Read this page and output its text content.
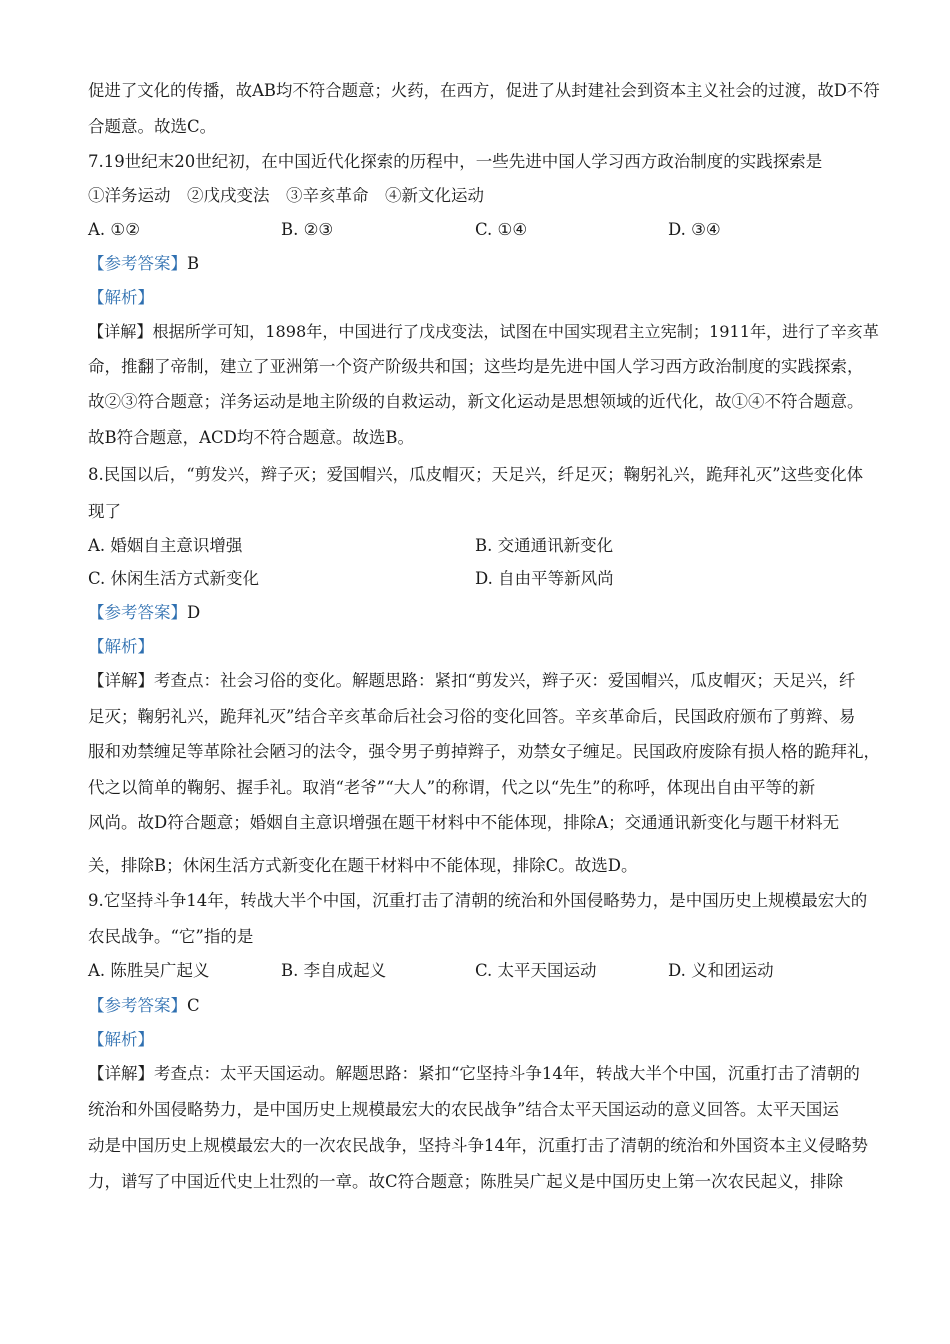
促进了文化的传播，故AB均不符合题意；火药，在西方，促进了从封建社会到资本主义社会的过渡，故D不符
合题意。故选C。
7.19世纪末20世纪初，在中国近代化探索的历程中，一些先进中国人学习西方政治制度的实践探索是
①洋务运动　②戊戌变法　③辛亥革命　④新文化运动
A. ①②	B. ②③	C. ①④	D. ③④
【参考答案】B
【解析】
【详解】根据所学可知，1898年，中国进行了戊戌变法，试图在中国实现君主立宪制；1911年，进行了辛亥革
命，推翻了帝制，建立了亚洲第一个资产阶级共和国；这些均是先进中国人学习西方政治制度的实践探索，
故②③符合题意；洋务运动是地主阶级的自救运动，新文化运动是思想领域的近代化，故①④不符合题意。
故B符合题意，ACD均不符合题意。故选B。
8.民国以后，“剪发兴，辫子灭；爱国帽兴，瓜皮帽灭；天足兴，纤足灭；鞠躬礼兴，跪拜礼灭”这些变化体
现了
A. 婚姻自主意识增强	B. 交通通讯新变化
C. 休闲生活方式新变化	D. 自由平等新风尚
【参考答案】D
【解析】
【详解】考查点：社会习俗的变化。解题思路：紧扣“剪发兴，辫子灭：爱国帽兴，瓜皮帽灭；天足兴，纤
足灭；鞠躬礼兴，跪拜礼灭”结合辛亥革命后社会习俗的变化回答。辛亥革命后，民国政府颁布了剪辫、易
服和劝禁缠足等革除社会陋习的法令，强令男子剪掉辫子，劝禁女子缠足。民国政府废除有损人格的跪拜礼，
代之以简单的鞠躬、握手礼。取消“老爷”“大人”的称谓，代之以“先生”的称呼，体现出自由平等的新
风尚。故D符合题意；婚姻自主意识增强在题干材料中不能体现，排除A；交通通讯新变化与题干材料无
关，排除B；休闲生活方式新变化在题干材料中不能体现，排除C。故选D。
9.它坚持斗争14年，转战大半个中国，沉重打击了清朝的统治和外国侵略势力，是中国历史上规模最宏大的
农民战争。“它”指的是
A. 陈胜吴广起义	B. 李自成起义	C. 太平天国运动	D. 义和团运动
【参考答案】C
【解析】
【详解】考查点：太平天国运动。解题思路：紧扣“它坚持斗争14年，转战大半个中国，沉重打击了清朝的
统治和外国侵略势力，是中国历史上规模最宏大的农民战争”结合太平天国运动的意义回答。太平天国运
动是中国历史上规模最宏大的一次农民战争，坚持斗争14年，沉重打击了清朝的统治和外国资本主义侵略势
力，谱写了中国近代史上壮烈的一章。故C符合题意；陈胜吴广起义是中国历史上第一次农民起义，排除
